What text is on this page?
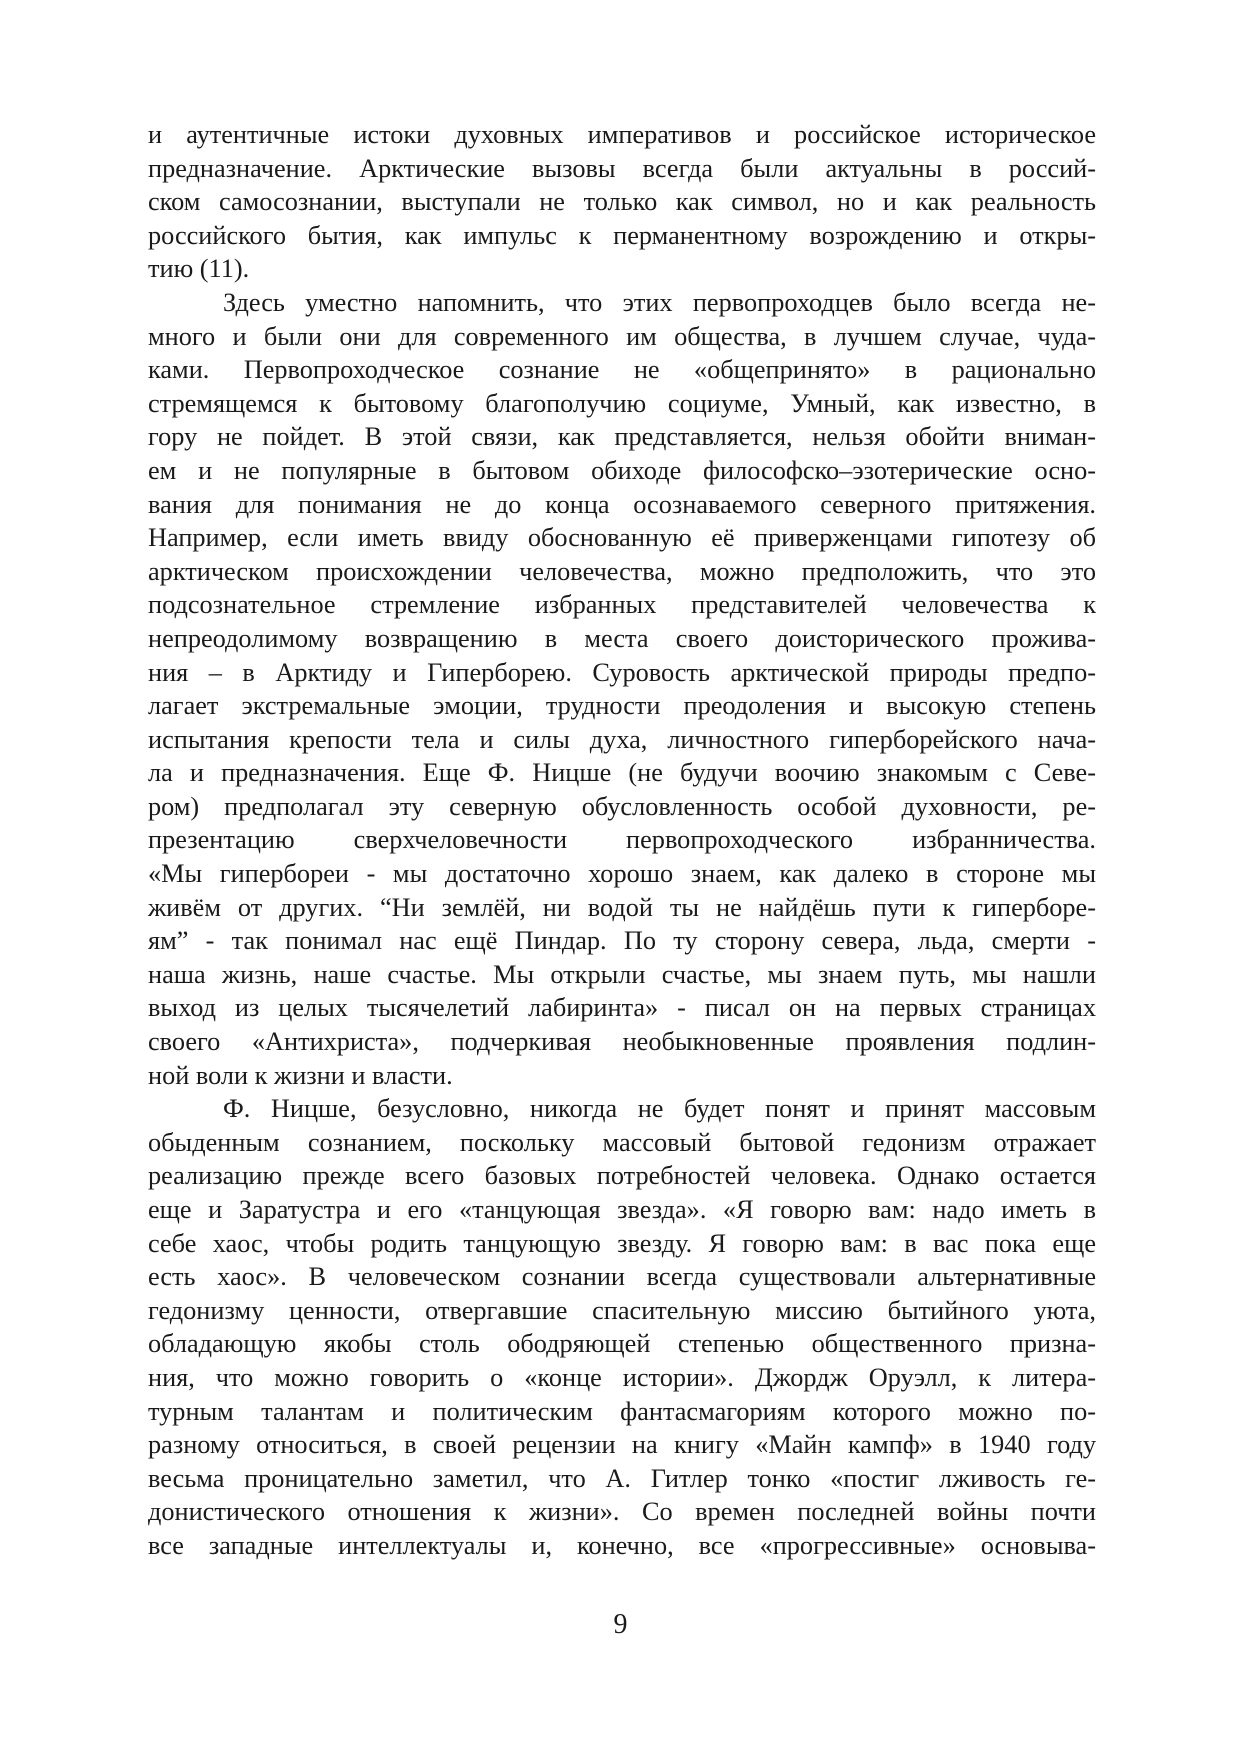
и аутентичные истоки духовных императивов и российское историческое
предназначение. Арктические вызовы всегда были актуальны в россий-
ском самосознании, выступали не только как символ, но и как реальность
российского бытия, как импульс к перманентному возрождению и откры-
тию (11).
Здесь уместно напомнить, что этих первопроходцев было всегда не-
много и были они для современного им общества, в лучшем случае, чуда-
ками. Первопроходческое сознание не «общепринято» в рационально
стремящемся к бытовому благополучию социуме, Умный, как известно, в
гору не пойдет. В этой связи, как представляется, нельзя обойти вниман-
ем и не популярные в бытовом обиходе философско–эзотерические осно-
вания для понимания не до конца осознаваемого северного притяжения.
Например, если иметь ввиду обоснованную её приверженцами гипотезу об
арктическом происхождении человечества, можно предположить, что это
подсознательное стремление избранных представителей человечества к
непреодолимому возвращению в места своего доисторического прожива-
ния – в Арктиду и Гиперборею. Суровость арктической природы предпо-
лагает экстремальные эмоции, трудности преодоления и высокую степень
испытания крепости тела и силы духа, личностного гиперборейского нача-
ла и предназначения. Еще Ф. Ницше (не будучи воочию знакомым с Севе-
ром) предполагал эту северную обусловленность особой духовности, ре-
презентацию сверхчеловечности первопроходческого избранничества.
«Мы гипербореи - мы достаточно хорошо знаем, как далеко в стороне мы
живём от других. “Ни землёй, ни водой ты не найдёшь пути к гиперборе-
ям” - так понимал нас ещё Пиндар. По ту сторону севера, льда, смерти -
наша жизнь, наше счастье. Мы открыли счастье, мы знаем путь, мы нашли
выход из целых тысячелетий лабиринта» - писал он на первых страницах
своего «Антихриста», подчеркивая необыкновенные проявления подлин-
ной воли к жизни и власти.
Ф. Ницше, безусловно, никогда не будет понят и принят массовым
обыденным сознанием, поскольку массовый бытовой гедонизм отражает
реализацию прежде всего базовых потребностей человека. Однако остается
еще и Заратустра и его «танцующая звезда». «Я говорю вам: надо иметь в
себе хаос, чтобы родить танцующую звезду. Я говорю вам: в вас пока еще
есть хаос». В человеческом сознании всегда существовали альтернативные
гедонизму ценности, отвергавшие спасительную миссию бытийного уюта,
обладающую якобы столь ободряющей степенью общественного призна-
ния, что можно говорить о «конце истории». Джордж Оруэлл, к литера-
турным талантам и политическим фантасмагориям которого можно по-
разному относиться, в своей рецензии на книгу «Майн кампф» в 1940 году
весьма проницательно заметил, что А. Гитлер тонко «постиг лживость ге-
донистического отношения к жизни». Со времен последней войны почти
все западные интеллектуалы и, конечно, все «прогрессивные» основыва-
9
